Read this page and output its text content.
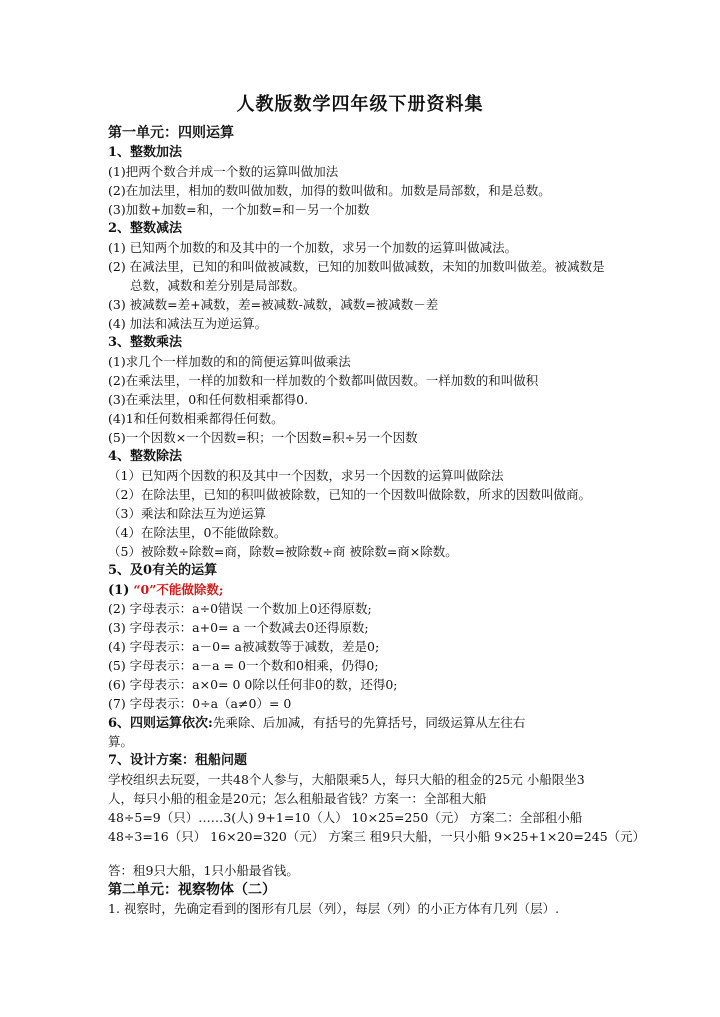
人教版数学四年级下册资料集
第一单元：四则运算
1、整数加法
(1)把两个数合并成一个数的运算叫做加法
(2)在加法里，相加的数叫做加数，加得的数叫做和。加数是局部数，和是总数。
(3)加数+加数=和，一个加数=和－另一个加数
2、整数减法
(1) 已知两个加数的和及其中的一个加数，求另一个加数的运算叫做减法。
(2) 在减法里，已知的和叫做被减数，已知的加数叫做减数，未知的加数叫做差。被减数是
总数，减数和差分别是局部数。
(3) 被减数=差+减数，差=被减数-减数，减数=被减数－差
(4) 加法和减法互为逆运算。
3、整数乘法
(1)求几个一样加数的和的简便运算叫做乘法
(2)在乘法里，一样的加数和一样加数的个数都叫做因数。一样加数的和叫做积
(3)在乘法里，0和任何数相乘都得0.
(4)1和任何数相乘都得任何数。
(5)一个因数×一个因数=积；一个因数=积÷另一个因数
4、整数除法
（1）已知两个因数的积及其中一个因数，求另一个因数的运算叫做除法
（2）在除法里，已知的积叫做被除数，已知的一个因数叫做除数，所求的因数叫做商。
（3）乘法和除法互为逆运算
（4）在除法里，0不能做除数。
（5）被除数÷除数=商，除数=被除数÷商 被除数=商×除数。
5、及0有关的运算
(1) “0”不能做除数;
(2) 字母表示：a÷0错误 一个数加上0还得原数;
(3) 字母表示：a+0= a 一个数减去0还得原数;
(4) 字母表示：a－0= a被减数等于减数，差是0;
(5) 字母表示：a－a = 0一个数和0相乘，仍得0;
(6) 字母表示：a×0= 0 0除以任何非0的数，还得0;
(7) 字母表示：0÷a（a≠0）= 0
6、四则运算依次:先乘除、后加减，有括号的先算括号，同级运算从左往右
算。
7、设计方案：租船问题
学校组织去玩耍，一共48个人参与，大船限乘5人，每只大船的租金的25元 小船限坐3
人，每只小船的租金是20元；怎么租船最省钱？方案一：全部租大船
48÷5=9（只）……3(人) 9+1=10（人） 10×25=250（元） 方案二：全部租小船
48÷3=16（只） 16×20=320（元） 方案三 租9只大船，一只小船 9×25+1×20=245（元）
答：租9只大船，1只小船最省钱。
第二单元：视察物体（二）
1. 视察时，先确定看到的图形有几层（列），每层（列）的小正方体有几列（层）.
